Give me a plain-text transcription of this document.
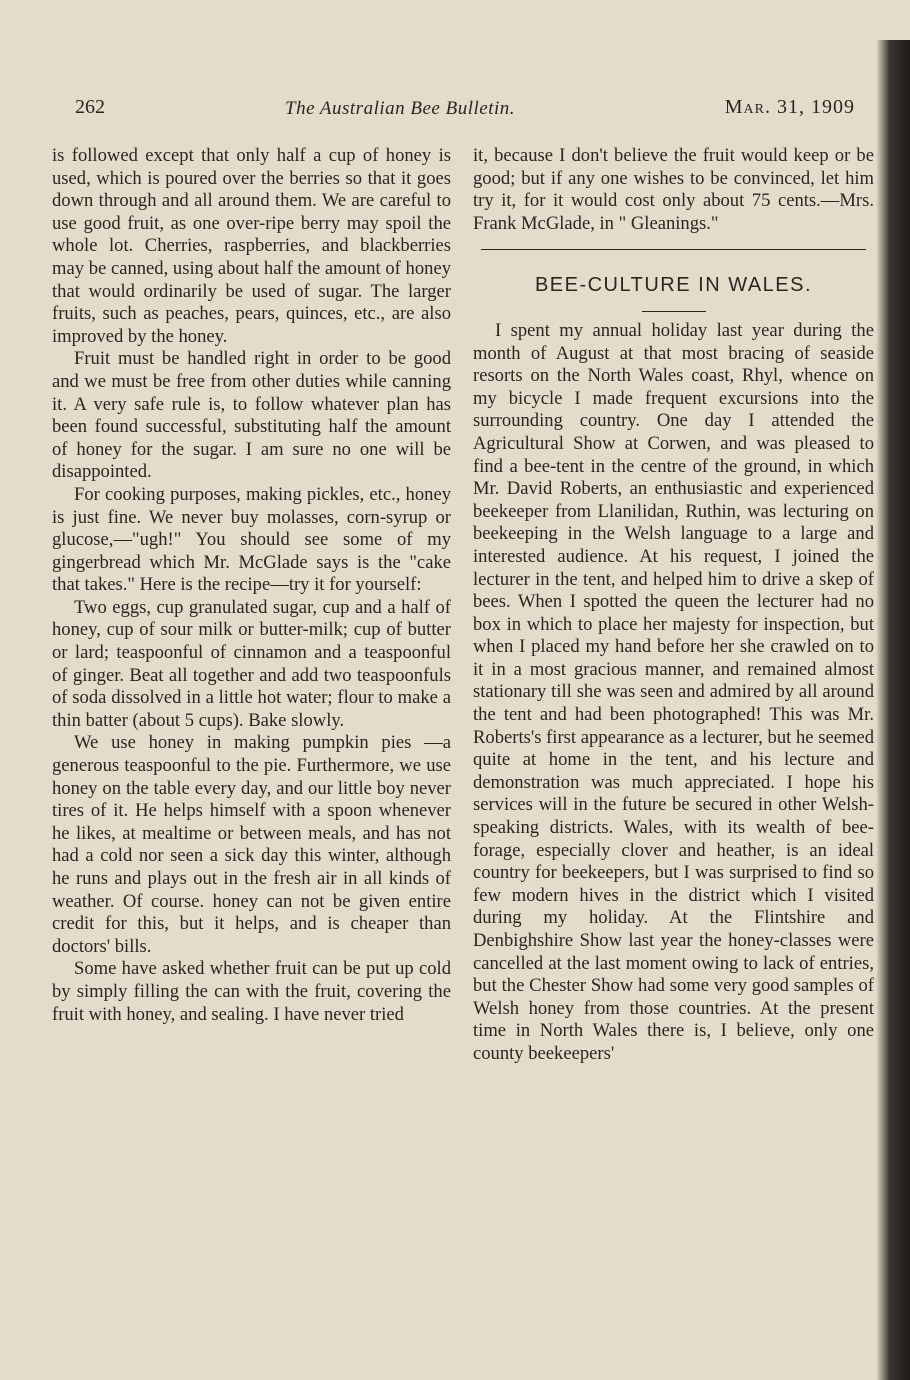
262	The Australian Bee Bulletin.	Mar. 31, 1909

is followed except that only half a cup of honey is used, which is poured over the berries so that it goes down through and all around them. We are careful to use good fruit, as one over-ripe berry may spoil the whole lot. Cherries, raspberries, and blackberries may be canned, using about half the amount of honey that would ordinarily be used of sugar. The larger fruits, such as peaches, pears, quinces, etc., are also improved by the honey.

Fruit must be handled right in order to be good and we must be free from other duties while canning it. A very safe rule is, to follow whatever plan has been found successful, substituting half the amount of honey for the sugar. I am sure no one will be disappointed.

For cooking purposes, making pickles, etc., honey is just fine. We never buy molasses, corn-syrup or glucose,—"ugh!" You should see some of my gingerbread which Mr. McGlade says is the "cake that takes." Here is the recipe—try it for yourself:

Two eggs, cup granulated sugar, cup and a half of honey, cup of sour milk or butter-milk; cup of butter or lard; teaspoonful of cinnamon and a teaspoonful of ginger. Beat all together and add two teaspoonfuls of soda dissolved in a little hot water; flour to make a thin batter (about 5 cups). Bake slowly.

We use honey in making pumpkin pies —a generous teaspoonful to the pie. Furthermore, we use honey on the table every day, and our little boy never tires of it. He helps himself with a spoon whenever he likes, at mealtime or between meals, and has not had a cold nor seen a sick day this winter, although he runs and plays out in the fresh air in all kinds of weather. Of course. honey can not be given entire credit for this, but it helps, and is cheaper than doctors' bills.

Some have asked whether fruit can be put up cold by simply filling the can with the fruit, covering the fruit with honey, and sealing. I have never tried

it, because I don't believe the fruit would keep or be good; but if any one wishes to be convinced, let him try it, for it would cost only about 75 cents.—Mrs. Frank McGlade, in " Gleanings."

BEE-CULTURE IN WALES.

I spent my annual holiday last year during the month of August at that most bracing of seaside resorts on the North Wales coast, Rhyl, whence on my bicycle I made frequent excursions into the surrounding country. One day I attended the Agricultural Show at Corwen, and was pleased to find a bee-tent in the centre of the ground, in which Mr. David Roberts, an enthusiastic and experienced beekeeper from Llanilidan, Ruthin, was lecturing on beekeeping in the Welsh language to a large and interested audience. At his request, I joined the lecturer in the tent, and helped him to drive a skep of bees. When I spotted the queen the lecturer had no box in which to place her majesty for inspection, but when I placed my hand before her she crawled on to it in a most gracious manner, and remained almost stationary till she was seen and admired by all around the tent and had been photographed! This was Mr. Roberts's first appearance as a lecturer, but he seemed quite at home in the tent, and his lecture and demonstration was much appreciated. I hope his services will in the future be secured in other Welsh-speaking districts. Wales, with its wealth of bee-forage, especially clover and heather, is an ideal country for beekeepers, but I was surprised to find so few modern hives in the district which I visited during my holiday. At the Flintshire and Denbighshire Show last year the honey-classes were cancelled at the last moment owing to lack of entries, but the Chester Show had some very good samples of Welsh honey from those countries. At the present time in North Wales there is, I believe, only one county beekeepers'
